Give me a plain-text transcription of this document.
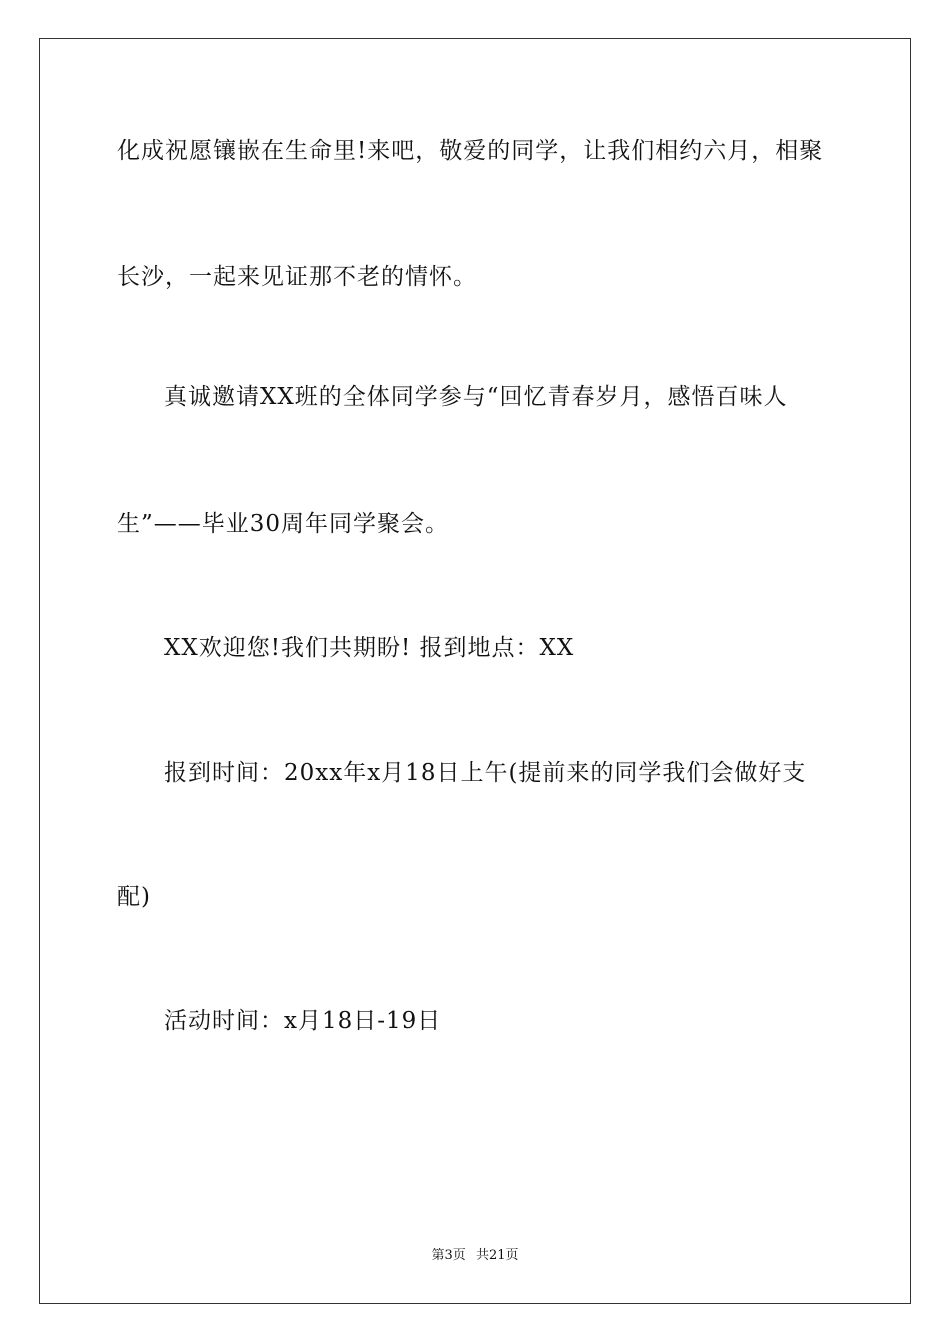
化成祝愿镶嵌在生命里!来吧，敬爱的同学，让我们相约六月，相聚
长沙，一起来见证那不老的情怀。
真诚邀请XX班的全体同学参与“回忆青春岁月，感悟百味人
生”——毕业30周年同学聚会。
XX欢迎您!我们共期盼! 报到地点：XX
报到时间：20xx年x月18日上午(提前来的同学我们会做好支
配)
活动时间：x月18日-19日
第3页 共21页
